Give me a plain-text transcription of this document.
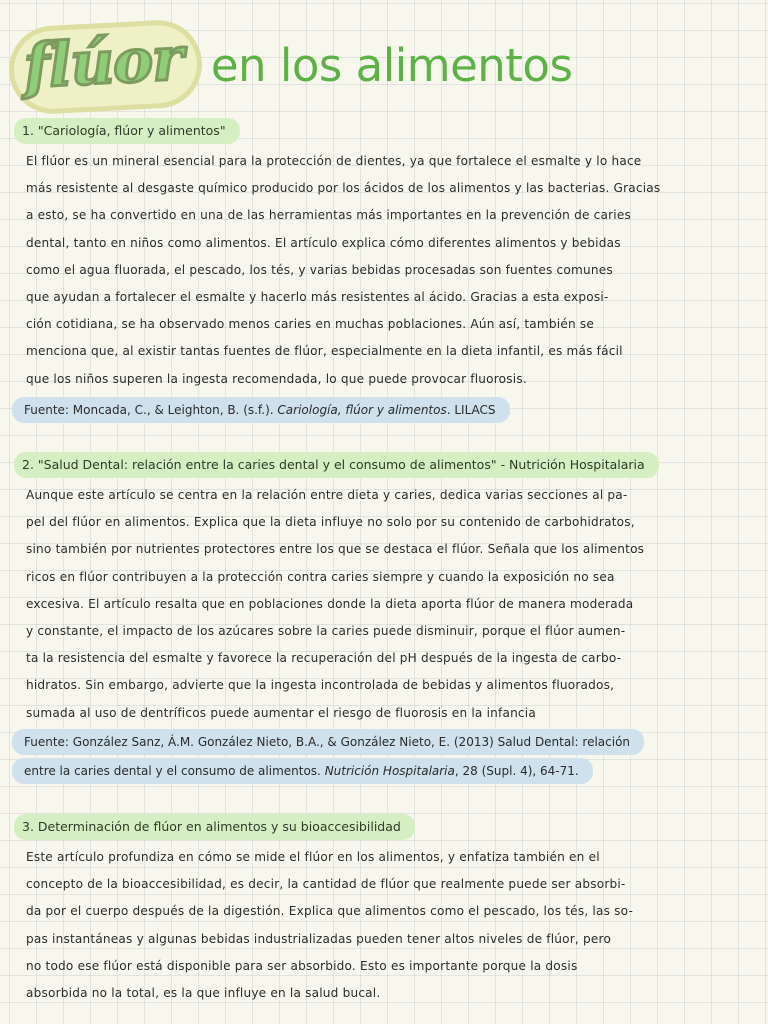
flúor en los alimentos
1. "Cariología, flúor y alimentos"
El flúor es un mineral esencial para la protección de dientes, ya que fortalece el esmalte y lo hace
más resistente al desgaste químico producido por los ácidos de los alimentos y las bacterias. Gracias
a esto, se ha convertido en una de las herramientas más importantes en la prevención de caries
dental, tanto en niños como alimentos. El artículo explica cómo diferentes alimentos y bebidas
como el agua fluorada, el pescado, los tés, y varias bebidas procesadas son fuentes comunes
que ayudan a fortalecer el esmalte y hacerlo más resistentes al ácido. Gracias a esta exposi-
ción cotidiana, se ha observado menos caries en muchas poblaciones. Aún así, también se
menciona que, al existir tantas fuentes de flúor, especialmente en la dieta infantil, es más fácil
que los niños superen la ingesta recomendada, lo que puede provocar fluorosis.
Fuente: Moncada, C., & Leighton, B. (s.f.). Cariología, flúor y alimentos. LILACS
2. "Salud Dental: relación entre la caries dental y el consumo de alimentos" - Nutrición Hospitalaria
Aunque este artículo se centra en la relación entre dieta y caries, dedica varias secciones al pa-
pel del flúor en alimentos. Explica que la dieta influye no solo por su contenido de carbohidratos,
sino también por nutrientes protectores entre los que se destaca el flúor. Señala que los alimentos
ricos en flúor contribuyen a la protección contra caries siempre y cuando la exposición no sea
excesiva. El artículo resalta que en poblaciones donde la dieta aporta flúor de manera moderada
y constante, el impacto de los azúcares sobre la caries puede disminuir, porque el flúor aumen-
ta la resistencia del esmalte y favorece la recuperación del pH después de la ingesta de carbo-
hidratos. Sin embargo, advierte que la ingesta incontrolada de bebidas y alimentos fluorados,
sumada al uso de dentríficos puede aumentar el riesgo de fluorosis en la infancia
Fuente: González Sanz, Á.M. González Nieto, B.A., & González Nieto, E. (2013) Salud Dental: relación
entre la caries dental y el consumo de alimentos. Nutrición Hospitalaria, 28 (Supl. 4), 64-71.
3. Determinación de flúor en alimentos y su bioaccesibilidad
Este artículo profundiza en cómo se mide el flúor en los alimentos, y enfatiza también en el
concepto de la bioaccesibilidad, es decir, la cantidad de flúor que realmente puede ser absorbi-
da por el cuerpo después de la digestión. Explica que alimentos como el pescado, los tés, las so-
pas instantáneas y algunas bebidas industrializadas pueden tener altos niveles de flúor, pero
no todo ese flúor está disponible para ser absorbido. Esto es importante porque la dosis
absorbida no la total, es la que influye en la salud bucal.
